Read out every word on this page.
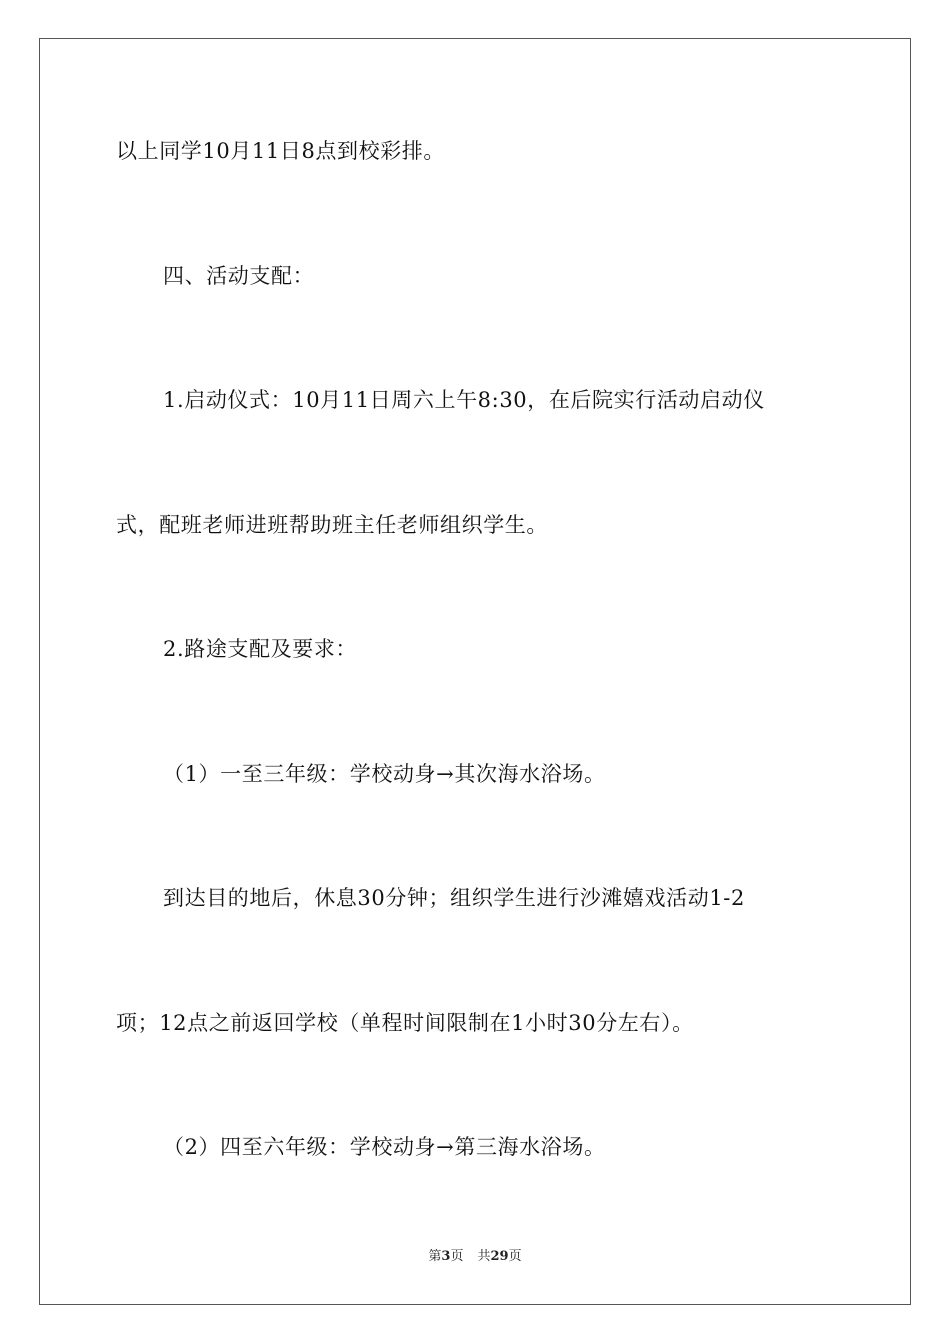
以上同学10月11日8点到校彩排。
四、活动支配：
1.启动仪式：10月11日周六上午8:30，在后院实行活动启动仪
式，配班老师进班帮助班主任老师组织学生。
2.路途支配及要求：
（1）一至三年级：学校动身→其次海水浴场。
到达目的地后，休息30分钟；组织学生进行沙滩嬉戏活动1-2
项；12点之前返回学校（单程时间限制在1小时30分左右）。
（2）四至六年级：学校动身→第三海水浴场。
第3页 共29页
